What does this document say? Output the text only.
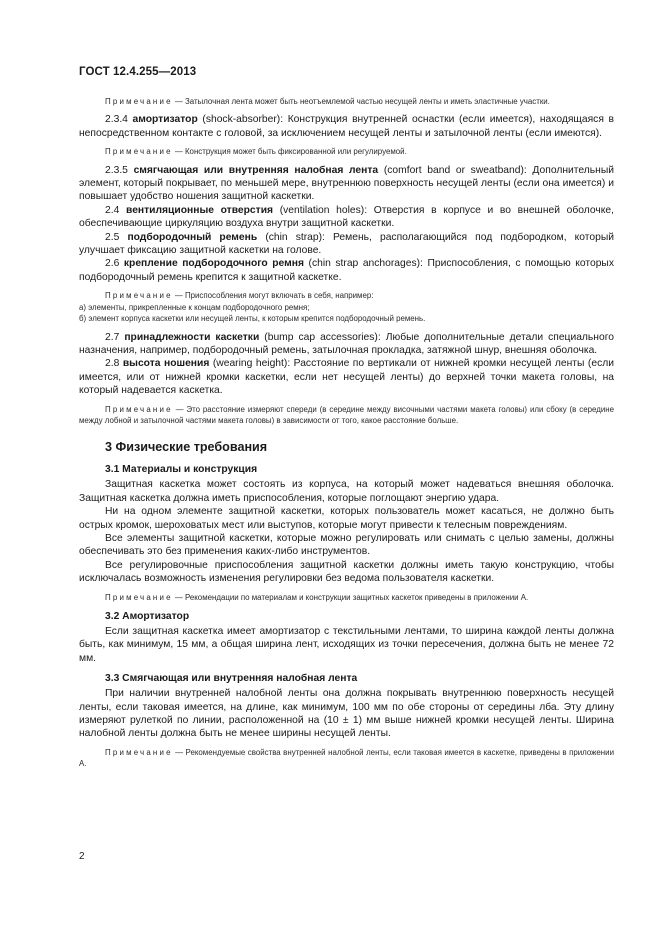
ГОСТ 12.4.255—2013

Примечание — Затылочная лента может быть неотъемлемой частью несущей ленты и иметь эластичные участки.

2.3.4 амортизатор (shock-absorber): Конструкция внутренней оснастки (если имеется), находящаяся в непосредственном контакте с головой, за исключением несущей ленты и затылочной ленты (если имеются).

Примечание — Конструкция может быть фиксированной или регулируемой.

2.3.5 смягчающая или внутренняя налобная лента (comfort band or sweatband): Дополнительный элемент, который покрывает, по меньшей мере, внутреннюю поверхность несущей ленты (если она имеется) и повышает удобство ношения защитной каскетки.

2.4 вентиляционные отверстия (ventilation holes): Отверстия в корпусе и во внешней оболочке, обеспечивающие циркуляцию воздуха внутри защитной каскетки.

2.5 подбородочный ремень (chin strap): Ремень, располагающийся под подбородком, который улучшает фиксацию защитной каскетки на голове.

2.6 крепление подбородочного ремня (chin strap anchorages): Приспособления, с помощью которых подбородочный ремень крепится к защитной каскетке.

Примечание — Приспособления могут включать в себя, например:
а) элементы, прикрепленные к концам подбородочного ремня;
б) элемент корпуса каскетки или несущей ленты, к которым крепится подбородочный ремень.

2.7 принадлежности каскетки (bump cap accessories): Любые дополнительные детали специального назначения, например, подбородочный ремень, затылочная прокладка, затяжной шнур, внешняя оболочка.

2.8 высота ношения (wearing height): Расстояние по вертикали от нижней кромки несущей ленты (если имеется, или от нижней кромки каскетки, если нет несущей ленты) до верхней точки макета головы, на который надевается каскетка.

Примечание — Это расстояние измеряют спереди (в середине между височными частями макета головы) или сбоку (в середине между лобной и затылочной частями макета головы) в зависимости от того, какое расстояние больше.

3 Физические требования
3.1 Материалы и конструкция

Защитная каскетка может состоять из корпуса, на который может надеваться внешняя оболочка. Защитная каскетка должна иметь приспособления, которые поглощают энергию удара.

Ни на одном элементе защитной каскетки, которых пользователь может касаться, не должно быть острых кромок, шероховатых мест или выступов, которые могут привести к телесным повреждениям.

Все элементы защитной каскетки, которые можно регулировать или снимать с целью замены, должны обеспечивать это без применения каких-либо инструментов.

Все регулировочные приспособления защитной каскетки должны иметь такую конструкцию, чтобы исключалась возможность изменения регулировки без ведома пользователя каскетки.

Примечание — Рекомендации по материалам и конструкции защитных каскеток приведены в приложении А.

3.2 Амортизатор

Если защитная каскетка имеет амортизатор с текстильными лентами, то ширина каждой ленты должна быть, как минимум, 15 мм, а общая ширина лент, исходящих из точки пересечения, должна быть не менее 72 мм.

3.3 Смягчающая или внутренняя налобная лента

При наличии внутренней налобной ленты она должна покрывать внутреннюю поверхность несущей ленты, если таковая имеется, на длине, как минимум, 100 мм по обе стороны от середины лба. Эту длину измеряют рулеткой по линии, расположенной на (10 ± 1) мм выше нижней кромки несущей ленты. Ширина налобной ленты должна быть не менее ширины несущей ленты.

Примечание — Рекомендуемые свойства внутренней налобной ленты, если таковая имеется в каскетке, приведены в приложении А.

2
